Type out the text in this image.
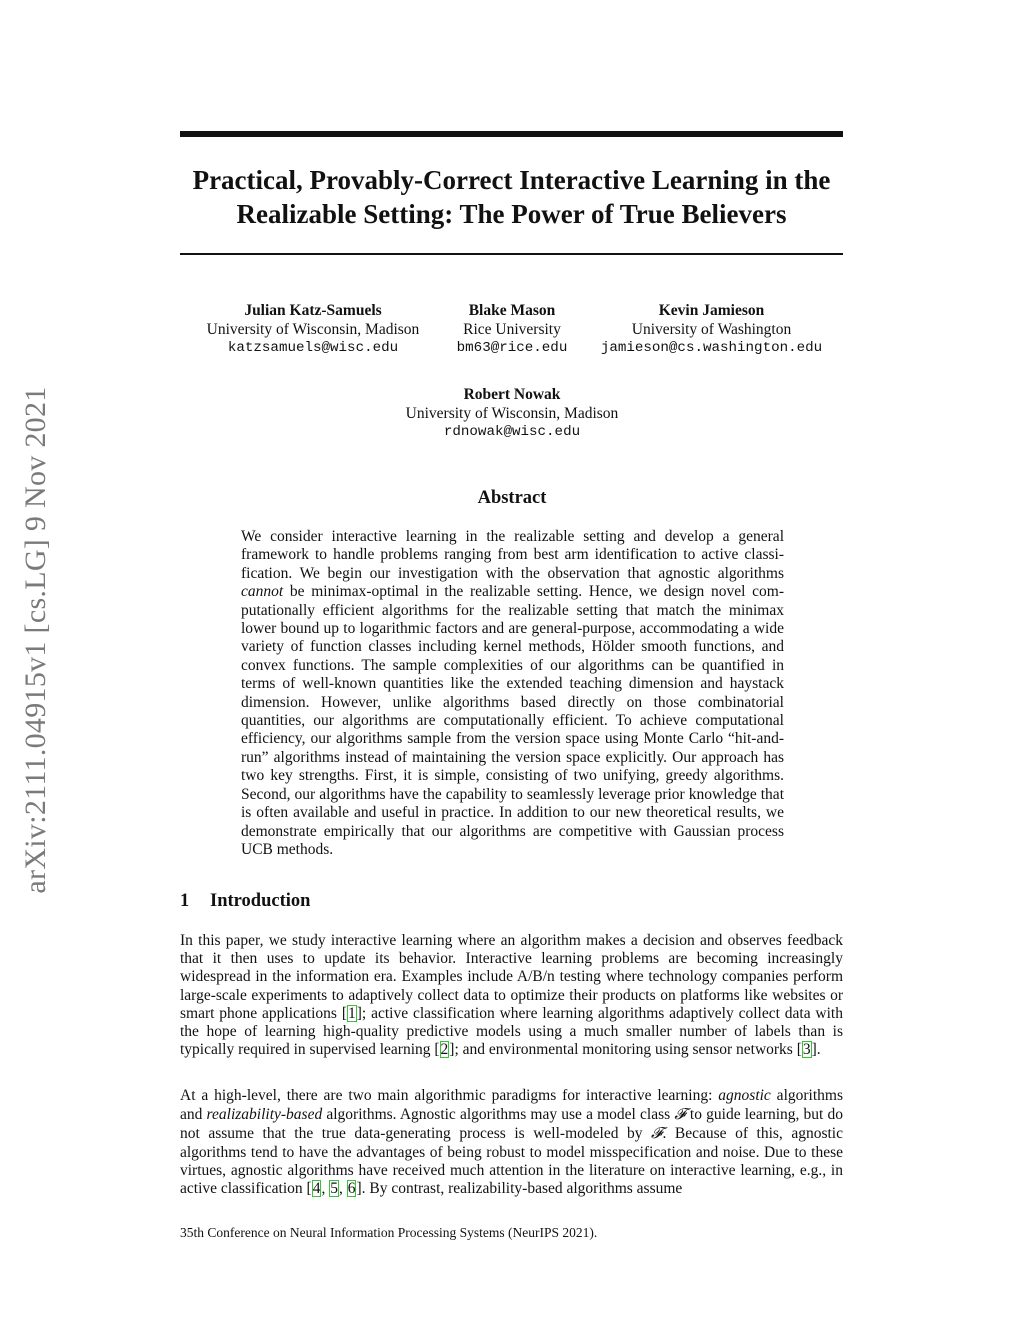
arXiv:2111.04915v1 [cs.LG] 9 Nov 2021
Practical, Provably-Correct Interactive Learning in the Realizable Setting: The Power of True Believers
Julian Katz-Samuels
University of Wisconsin, Madison
katzsamuels@wisc.edu
Blake Mason
Rice University
bm63@rice.edu
Kevin Jamieson
University of Washington
jamieson@cs.washington.edu
Robert Nowak
University of Wisconsin, Madison
rdnowak@wisc.edu
Abstract

We consider interactive learning in the realizable setting and develop a general framework to handle problems ranging from best arm identification to active classification. We begin our investigation with the observation that agnostic algorithms cannot be minimax-optimal in the realizable setting. Hence, we design novel computationally efficient algorithms for the realizable setting that match the minimax lower bound up to logarithmic factors and are general-purpose, accommodating a wide variety of function classes including kernel methods, Hölder smooth functions, and convex functions. The sample complexities of our algorithms can be quantified in terms of well-known quantities like the extended teaching dimension and haystack dimension. However, unlike algorithms based directly on those combinatorial quantities, our algorithms are computationally efficient. To achieve computational efficiency, our algorithms sample from the version space using Monte Carlo “hit-and-run” algorithms instead of maintaining the version space explicitly. Our approach has two key strengths. First, it is simple, consisting of two unifying, greedy algorithms. Second, our algorithms have the capability to seamlessly leverage prior knowledge that is often available and useful in practice. In addition to our new theoretical results, we demonstrate empirically that our algorithms are competitive with Gaussian process UCB methods.

1 Introduction

In this paper, we study interactive learning where an algorithm makes a decision and observes feedback that it then uses to update its behavior. Interactive learning problems are becoming increasingly widespread in the information era. Examples include A/B/n testing where technology companies perform large-scale experiments to adaptively collect data to optimize their products on platforms like websites or smart phone applications [1]; active classification where learning algorithms adaptively collect data with the hope of learning high-quality predictive models using a much smaller number of labels than is typically required in supervised learning [2]; and environmental monitoring using sensor networks [3].

At a high-level, there are two main algorithmic paradigms for interactive learning: agnostic algorithms and realizability-based algorithms. Agnostic algorithms may use a model class 𝓕 to guide learning, but do not assume that the true data-generating process is well-modeled by 𝓕. Because of this, agnostic algorithms tend to have the advantages of being robust to model misspecification and noise. Due to these virtues, agnostic algorithms have received much attention in the literature on interactive learning, e.g., in active classification [4, 5, 6]. By contrast, realizability-based algorithms assume

35th Conference on Neural Information Processing Systems (NeurIPS 2021).
